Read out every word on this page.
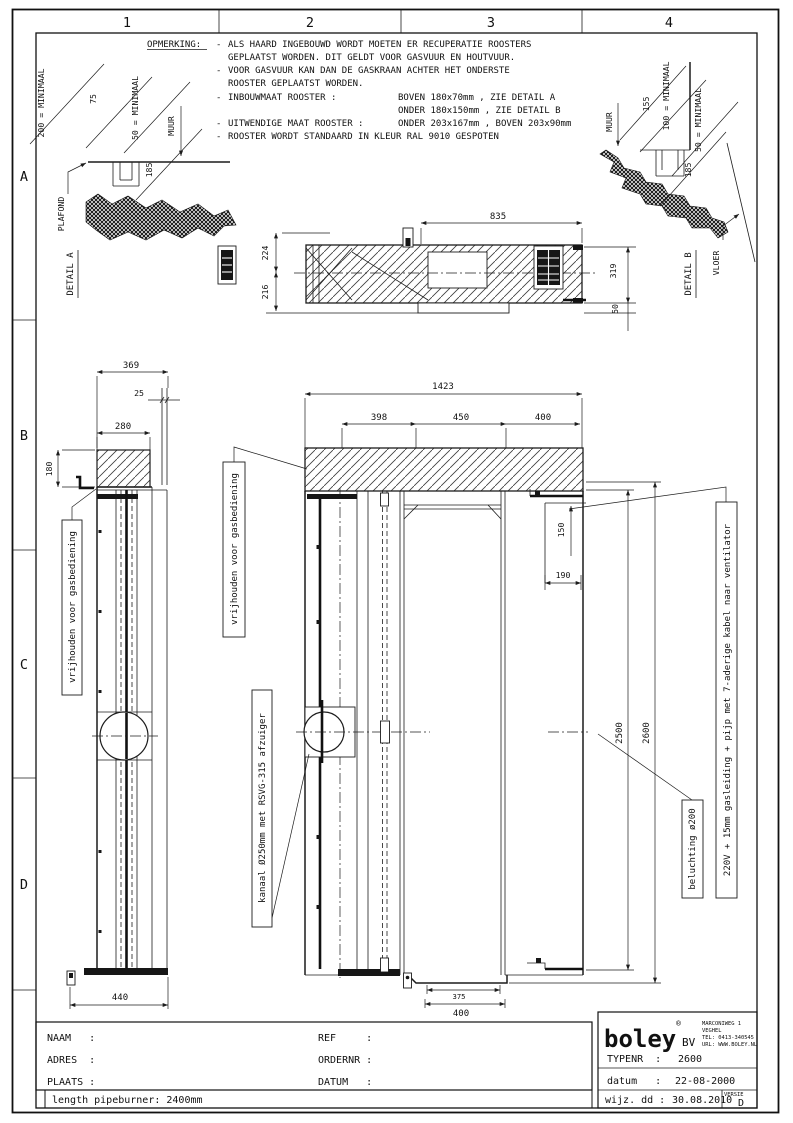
1	2	3	4
A
B
C
D
OPMERKING: - ALS HAARD INGEBOUWD WORDT MOETEN ER RECUPERATIE ROOSTERS
GEPLAATST WORDEN. DIT GELDT VOOR GASVUUR EN HOUTVUUR.
- VOOR GASVUUR KAN DAN DE GASKRAAN ACHTER HET ONDERSTE
ROOSTER GEPLAATST WORDEN.
- INBOUWMAAT ROOSTER :	BOVEN 180x70mm , ZIE DETAIL A
ONDER 180x150mm , ZIE DETAIL B
- UITWENDIGE MAAT ROOSTER :	ONDER 203x167mm , BOVEN 203x90mm
- ROOSTER WORDT STANDAARD IN KLEUR RAL 9010 GESPOTEN
200 = MINIMAAL	75	50 = MINIMAAL	MUUR
185
PLAFOND
DETAIL A
155 100 = MINIMAAL	50 = MINIMAAL
MUUR
185
VLOER
DETAIL B
835
224
216
319
50
369
25
280
180
440
vrijhouden voor gasbediening
1423
398	450	400
150
190
2500 2600
375
400
vrijhouden voor gasbediening
kanaal Ø250mm met RSVG-315 afzuiger	beluchting ø200	220V + 15mm gasleiding + pijp met 7-aderige kabel naar ventilator
NAAM   :
ADRES  :
PLAATS :
REF     :
ORDERNR :
DATUM   :
length pipeburner: 2400mm
boley
®
BV
MARCONIWEG 1
VEGHEL
TEL: 0413-340545
URL: WWW.BOLEY.NL
TYPENR  : 2600
datum   : 22-08-2000
wijz. dd : 30.08.2010
VERSIE
D
